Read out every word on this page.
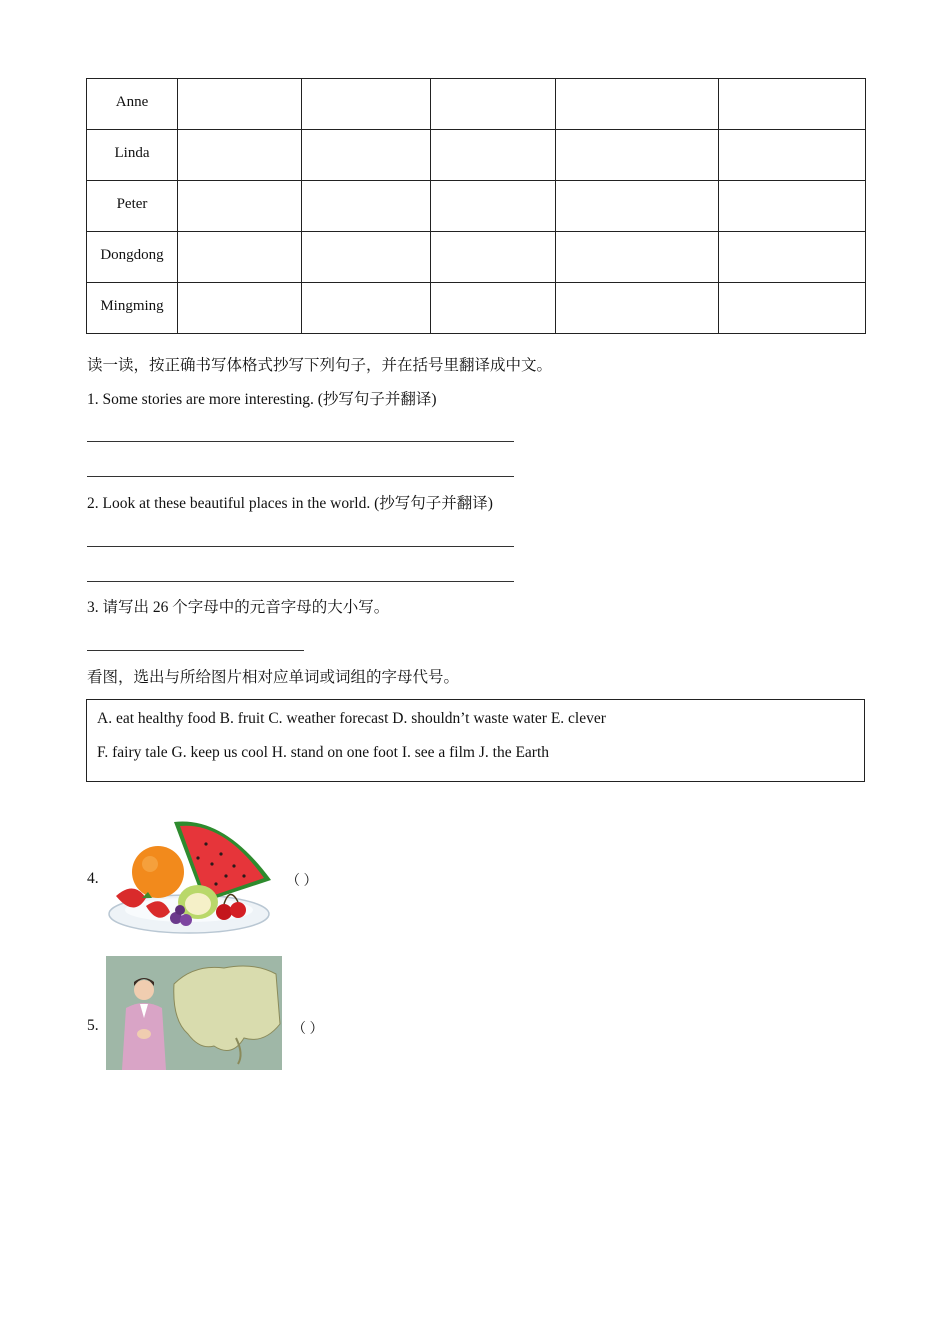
Anne					
Linda					
Peter					
Dongdong					
Mingming					
读一读，按正确书写体格式抄写下列句子，并在括号里翻译成中文。
1. Some stories are more interesting. (抄写句子并翻译)
2. Look at these beautiful places in the world. (抄写句子并翻译)
3. 请写出 26 个字母中的元音字母的大小写。
看图，选出与所给图片相对应单词或词组的字母代号。
A. eat healthy food B. fruit C. weather forecast D. shouldn’t waste water E. clever
F. fairy tale G. keep us cool H. stand on one foot I. see a film J. the Earth
4.	（ ）
5.	（ ）
